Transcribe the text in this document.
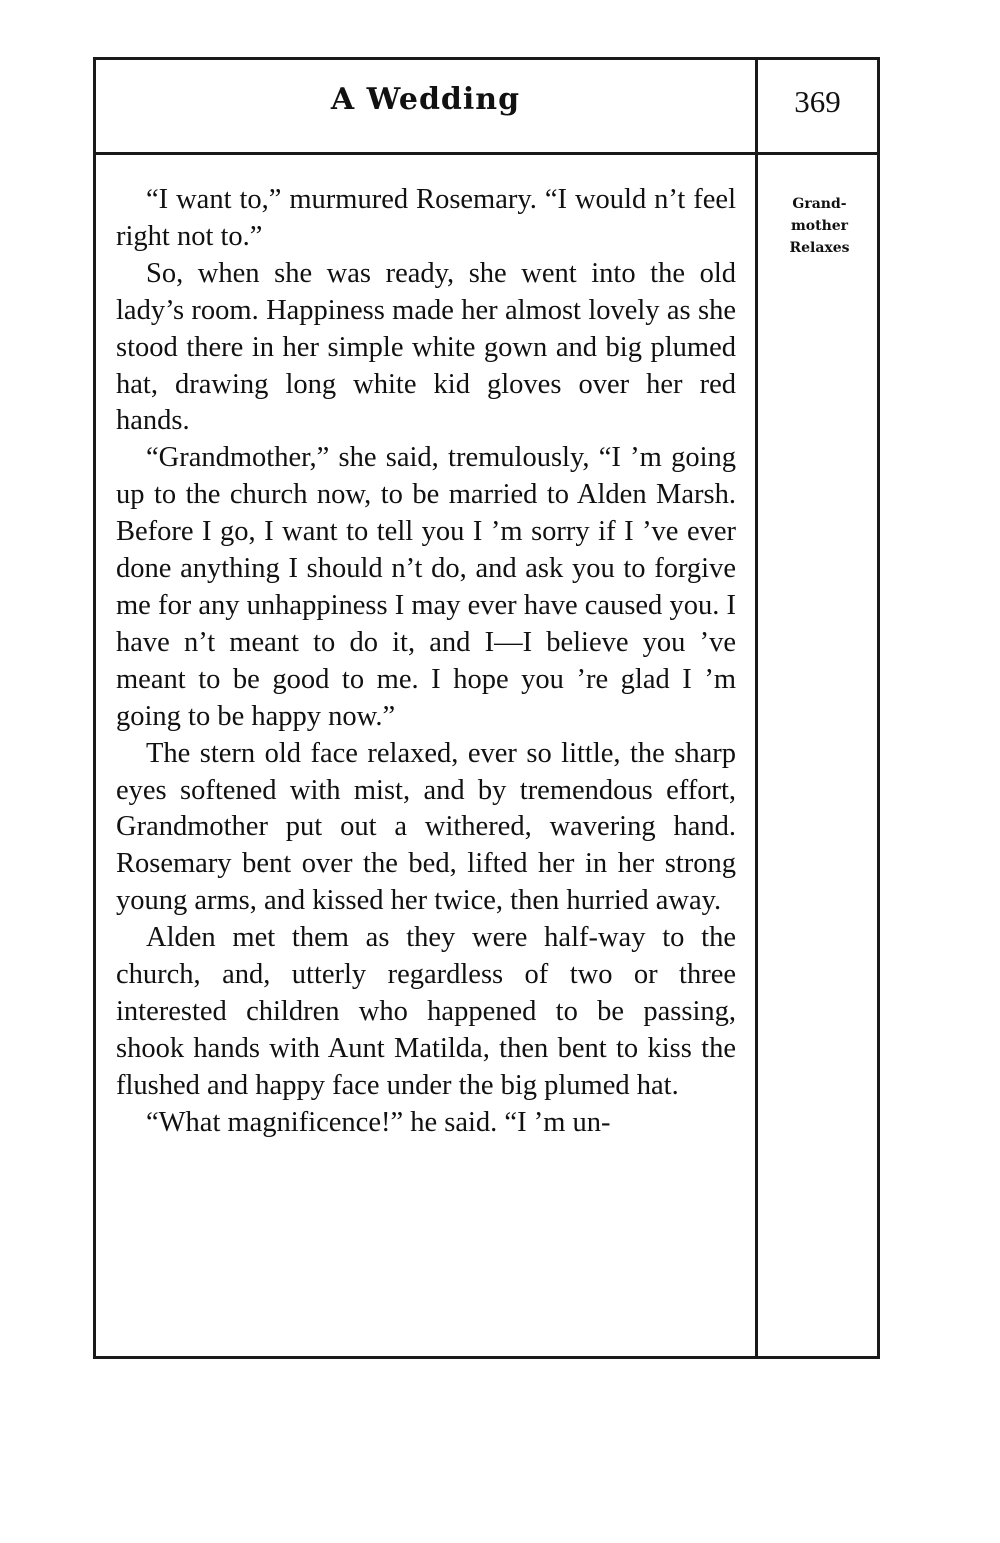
A Wedding	369
Grand-
mother
Relaxes

“I want to,” murmured Rosemary. “I would n’t feel right not to.”

So, when she was ready, she went into the old lady’s room. Happiness made her almost lovely as she stood there in her simple white gown and big plumed hat, drawing long white kid gloves over her red hands.

“Grandmother,” she said, tremulously, “I ’m going up to the church now, to be married to Alden Marsh. Before I go, I want to tell you I ’m sorry if I ’ve ever done anything I should n’t do, and ask you to forgive me for any unhappiness I may ever have caused you. I have n’t meant to do it, and I—I believe you ’ve meant to be good to me. I hope you ’re glad I ’m going to be happy now.”

The stern old face relaxed, ever so little, the sharp eyes softened with mist, and by tremendous effort, Grandmother put out a withered, wavering hand. Rosemary bent over the bed, lifted her in her strong young arms, and kissed her twice, then hurried away.

Alden met them as they were half-way to the church, and, utterly regardless of two or three interested children who happened to be passing, shook hands with Aunt Matilda, then bent to kiss the flushed and happy face under the big plumed hat.

“What magnificence!” he said. “I ’m un-
